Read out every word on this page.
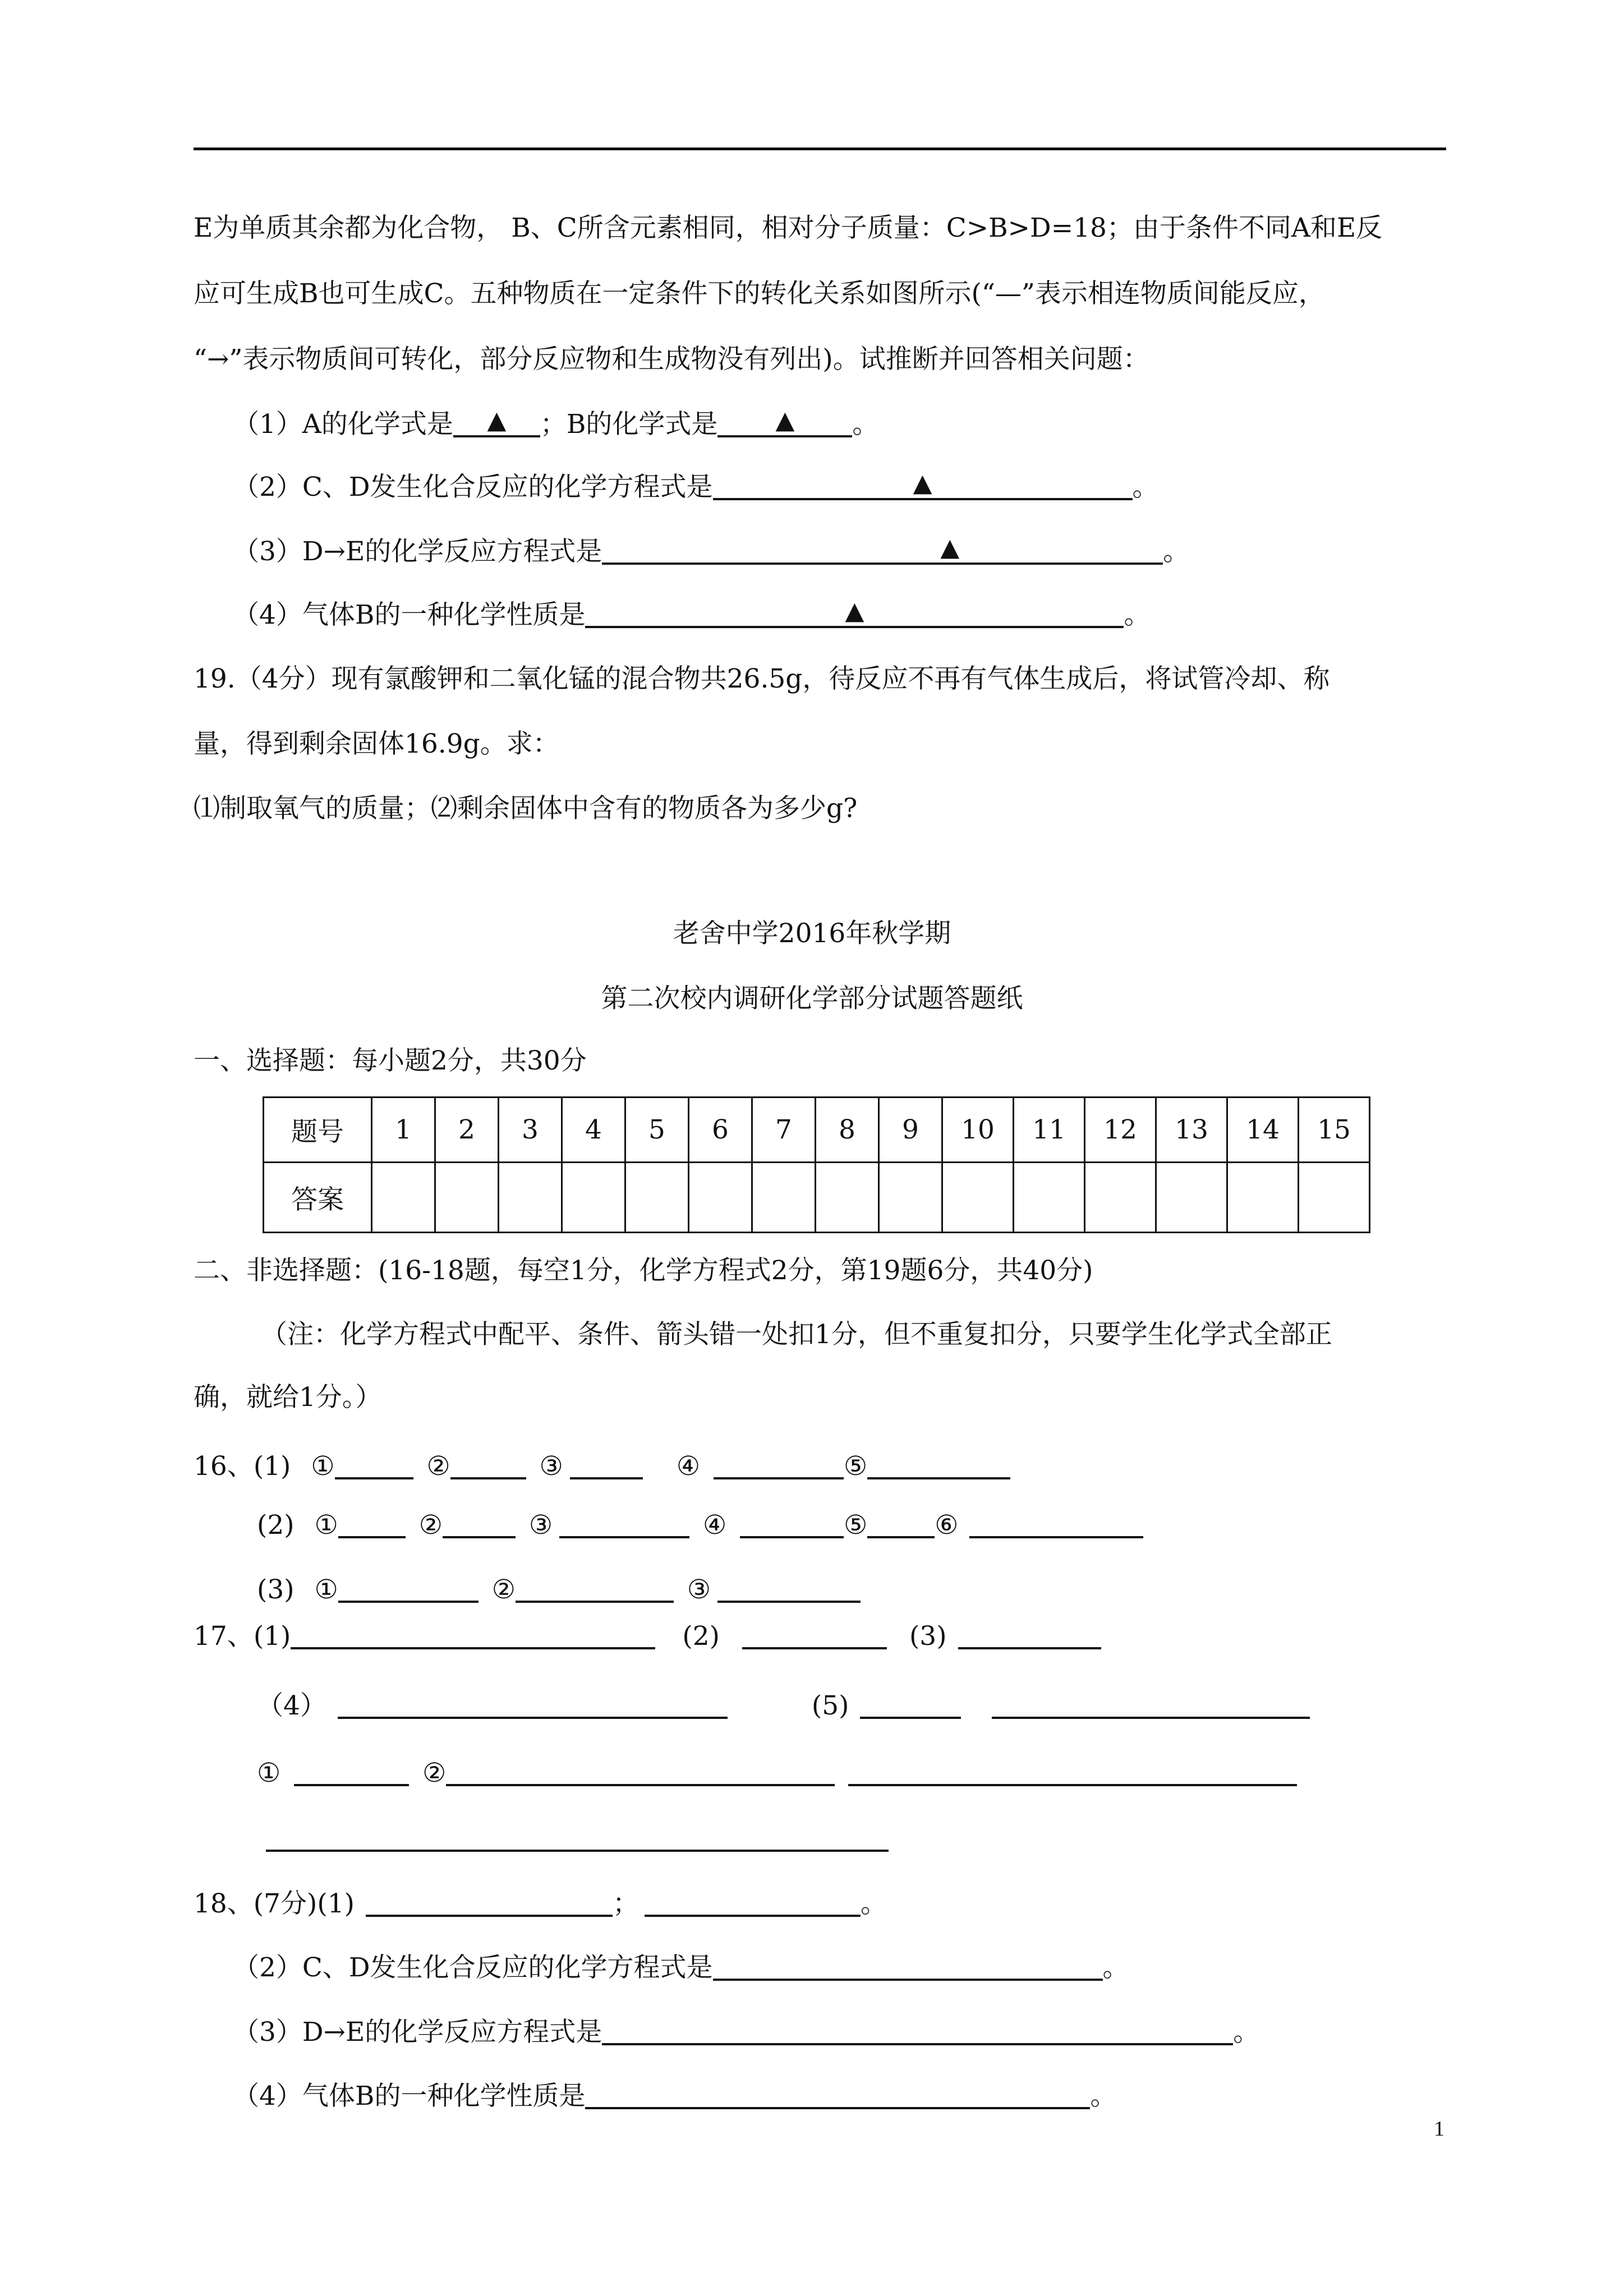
E为单质其余都为化合物， B、C所含元素相同，相对分子质量：C>B>D=18；由于条件不同A和E反
应可生成B也可生成C。五种物质在一定条件下的转化关系如图所示(“—”表示相连物质间能反应，
“→”表示物质间可转化，部分反应物和生成物没有列出)。试推断并回答相关问题：
（1）A的化学式是	▲	；B的化学式是	▲	。
（2）C、D发生化合反应的化学方程式是	▲	。
（3）D→E的化学反应方程式是	▲	。
（4）气体B的一种化学性质是	▲	。
19.（4分）现有氯酸钾和二氧化锰的混合物共26.5g，待反应不再有气体生成后，将试管冷却、称
量，得到剩余固体16.9g。求：
⑴制取氧气的质量；⑵剩余固体中含有的物质各为多少g?
老舍中学2016年秋学期
第二次校内调研化学部分试题答题纸
一、选择题：每小题2分，共30分
题号	1	2	3	4	5	6	7	8	9	10	11	12	13	14	15
答案															
二、非选择题：(16-18题，每空1分，化学方程式2分，第19题6分，共40分)
（注：化学方程式中配平、条件、箭头错一处扣1分，但不重复扣分，只要学生化学式全部正
确，就给1分。）
16、(1) ①	②	③	④	⑤
(2) ①	②	③	④	⑤	⑥
(3) ①	②	③
17、(1)	(2)	(3)
（4）	(5)
①	②
18、(7分)(1)	；	。
（2）C、D发生化合反应的化学方程式是	。
（3）D→E的化学反应方程式是	。
（4）气体B的一种化学性质是	。
1
